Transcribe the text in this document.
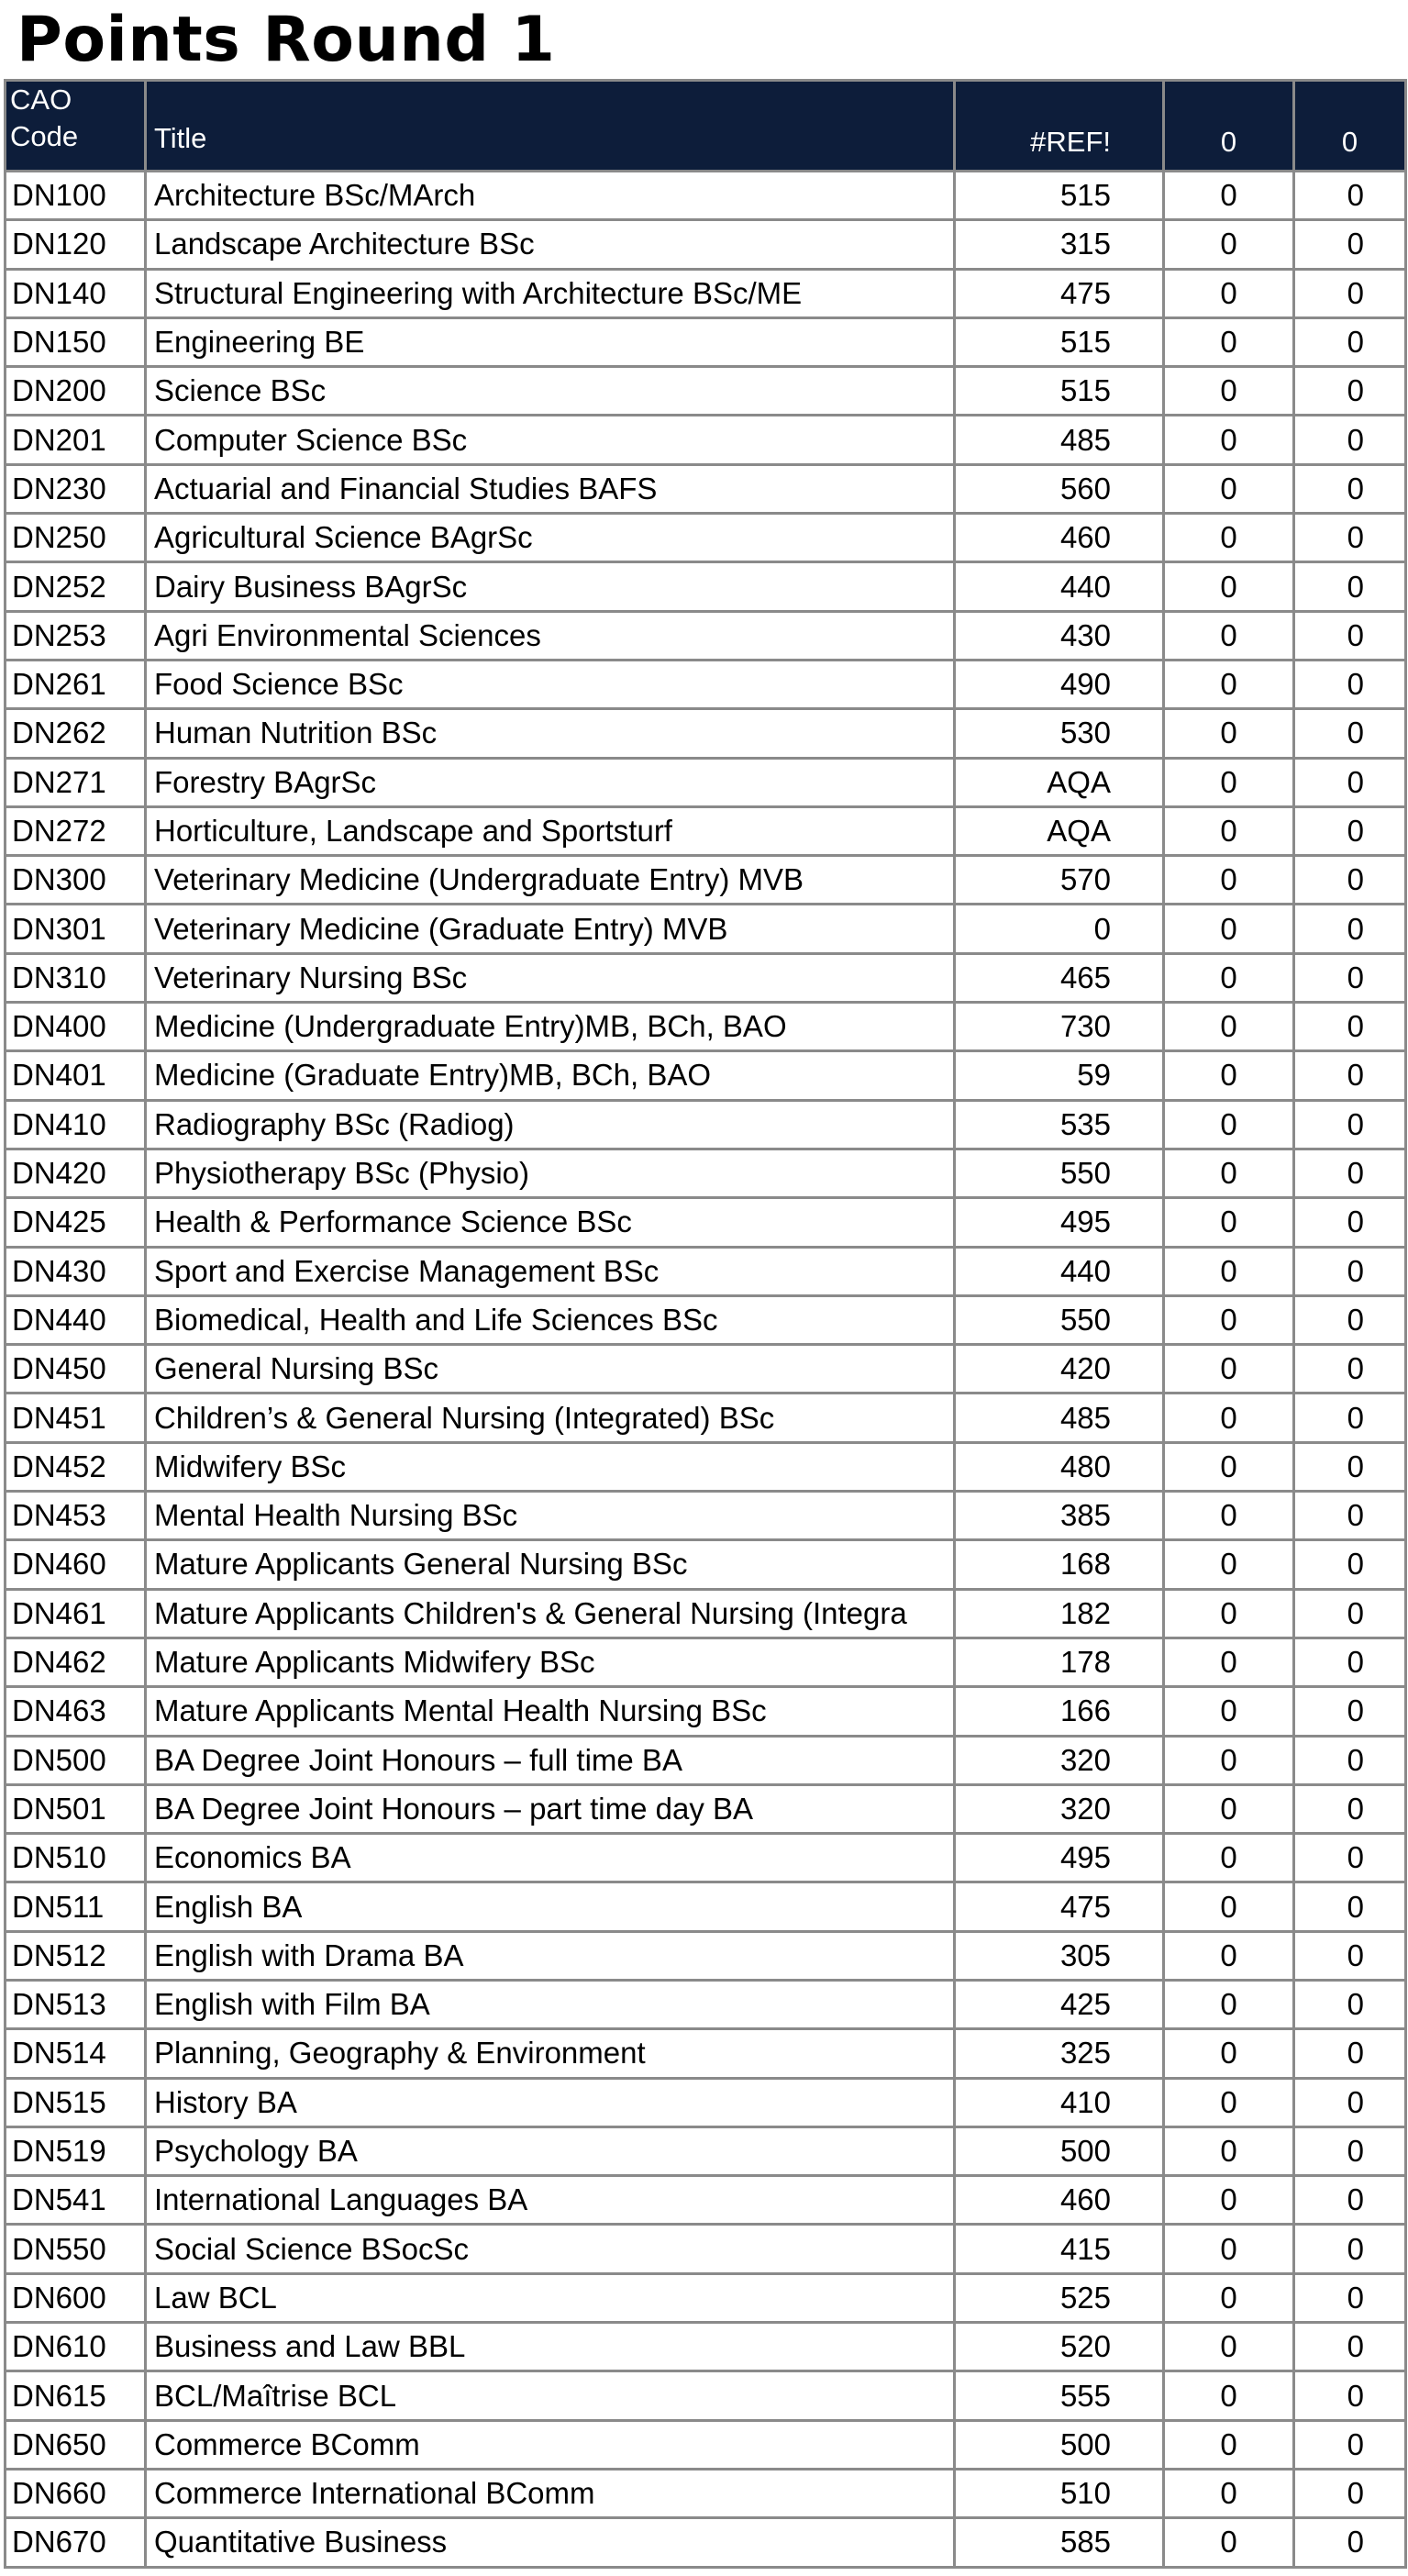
Points Round 1
CAO Code	Title	#REF!	0	0
DN100	Architecture BSc/MArch	515	0	0
DN120	Landscape Architecture BSc	315	0	0
DN140	Structural Engineering with Architecture BSc/ME	475	0	0
DN150	Engineering BE	515	0	0
DN200	Science BSc	515	0	0
DN201	Computer Science BSc	485	0	0
DN230	Actuarial and Financial Studies BAFS	560	0	0
DN250	Agricultural Science BAgrSc	460	0	0
DN252	Dairy Business BAgrSc	440	0	0
DN253	Agri Environmental Sciences	430	0	0
DN261	Food Science BSc	490	0	0
DN262	Human Nutrition BSc	530	0	0
DN271	Forestry BAgrSc	AQA	0	0
DN272	Horticulture, Landscape and Sportsturf	AQA	0	0
DN300	Veterinary Medicine (Undergraduate Entry) MVB	570	0	0
DN301	Veterinary Medicine (Graduate Entry) MVB	0	0	0
DN310	Veterinary Nursing BSc	465	0	0
DN400	Medicine (Undergraduate Entry)MB, BCh, BAO	730	0	0
DN401	Medicine (Graduate Entry)MB, BCh, BAO	59	0	0
DN410	Radiography BSc (Radiog)	535	0	0
DN420	Physiotherapy BSc (Physio)	550	0	0
DN425	Health & Performance Science BSc	495	0	0
DN430	Sport and Exercise Management BSc	440	0	0
DN440	Biomedical, Health and Life Sciences BSc	550	0	0
DN450	General Nursing BSc	420	0	0
DN451	Children’s & General Nursing (Integrated) BSc	485	0	0
DN452	Midwifery BSc	480	0	0
DN453	Mental Health Nursing BSc	385	0	0
DN460	Mature Applicants General Nursing BSc	168	0	0
DN461	Mature Applicants Children's & General Nursing (Integra	182	0	0
DN462	Mature Applicants Midwifery BSc	178	0	0
DN463	Mature Applicants Mental Health Nursing BSc	166	0	0
DN500	BA Degree Joint Honours – full time BA	320	0	0
DN501	BA Degree Joint Honours – part time day BA	320	0	0
DN510	Economics BA	495	0	0
DN511	English BA	475	0	0
DN512	English with Drama BA	305	0	0
DN513	English with Film BA	425	0	0
DN514	Planning, Geography & Environment	325	0	0
DN515	History BA	410	0	0
DN519	Psychology BA	500	0	0
DN541	International Languages BA	460	0	0
DN550	Social Science BSocSc	415	0	0
DN600	Law BCL	525	0	0
DN610	Business and Law BBL	520	0	0
DN615	BCL/Maîtrise BCL	555	0	0
DN650	Commerce BComm	500	0	0
DN660	Commerce International BComm	510	0	0
DN670	Quantitative Business	585	0	0
